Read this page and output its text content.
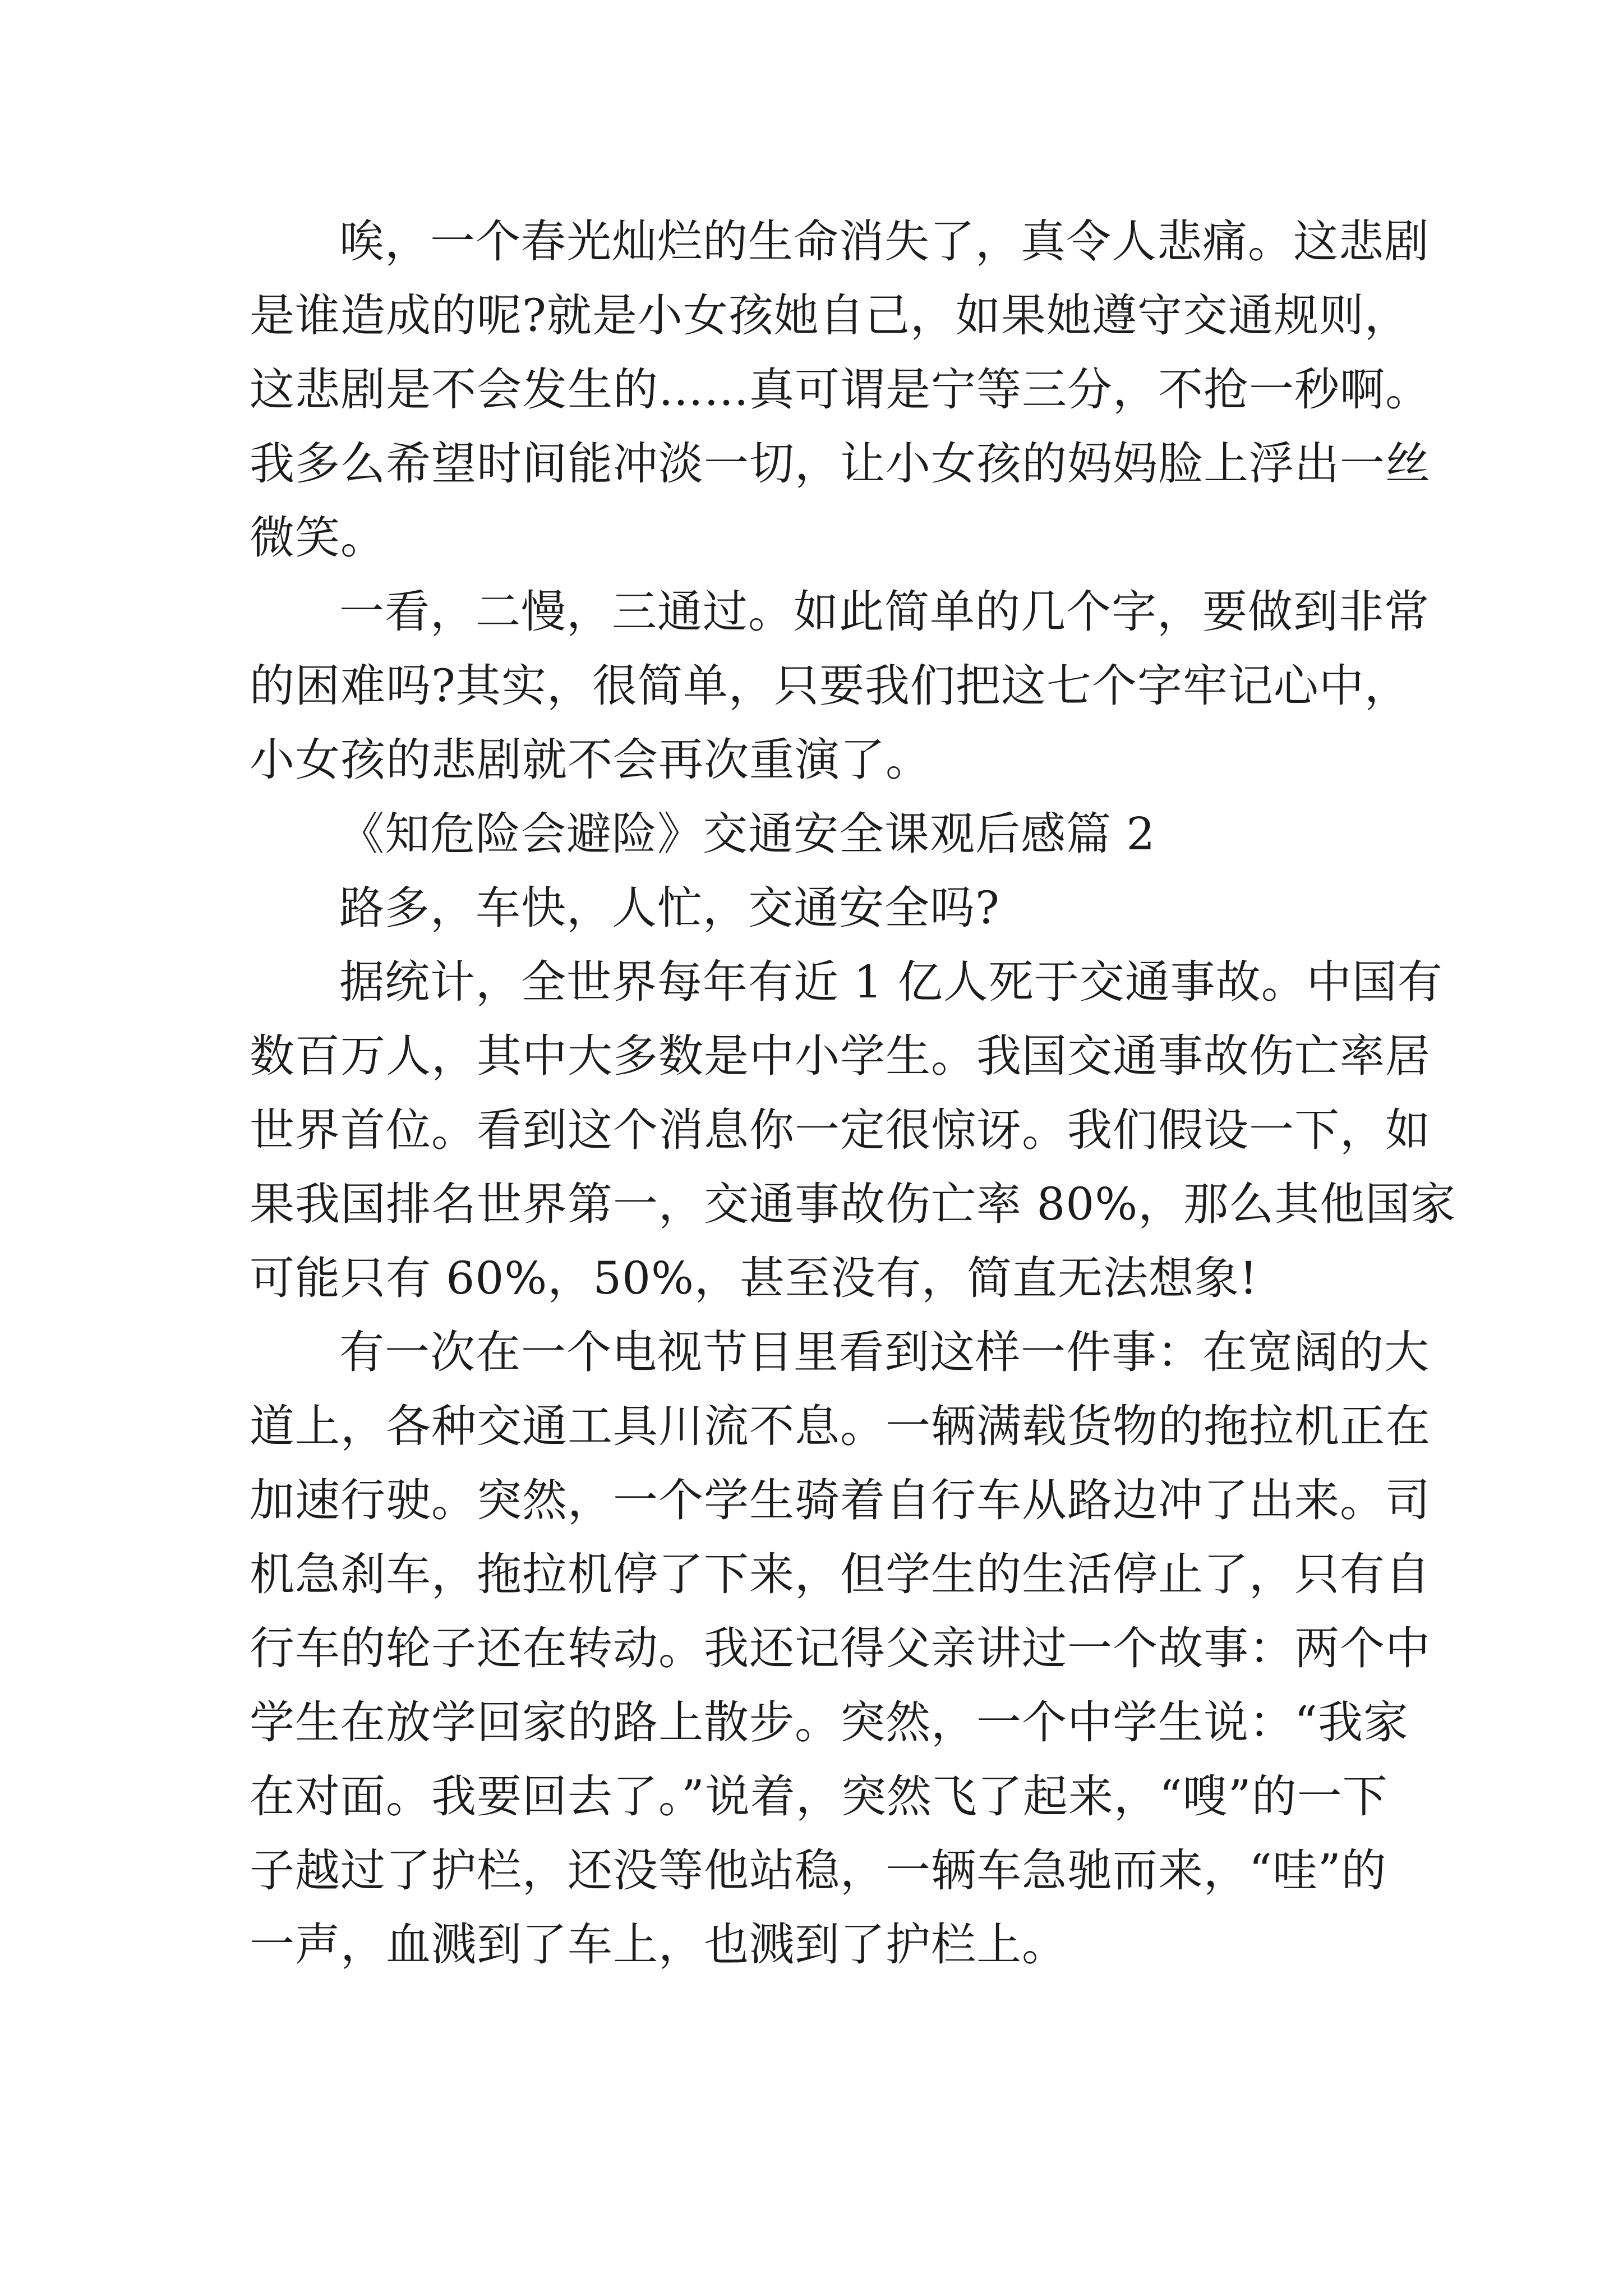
唉，一个春光灿烂的生命消失了，真令人悲痛。这悲剧
是谁造成的呢?就是小女孩她自己，如果她遵守交通规则，
这悲剧是不会发生的……真可谓是宁等三分，不抢一秒啊。
我多么希望时间能冲淡一切，让小女孩的妈妈脸上浮出一丝
微笑。
一看，二慢，三通过。如此简单的几个字，要做到非常
的困难吗?其实，很简单，只要我们把这七个字牢记心中，
小女孩的悲剧就不会再次重演了。
《知危险会避险》交通安全课观后感篇 2
路多，车快，人忙，交通安全吗?
据统计，全世界每年有近 1 亿人死于交通事故。中国有
数百万人，其中大多数是中小学生。我国交通事故伤亡率居
世界首位。看到这个消息你一定很惊讶。我们假设一下，如
果我国排名世界第一，交通事故伤亡率 80%，那么其他国家
可能只有 60%，50%，甚至没有，简直无法想象!
有一次在一个电视节目里看到这样一件事：在宽阔的大
道上，各种交通工具川流不息。一辆满载货物的拖拉机正在
加速行驶。突然，一个学生骑着自行车从路边冲了出来。司
机急刹车，拖拉机停了下来，但学生的生活停止了，只有自
行车的轮子还在转动。我还记得父亲讲过一个故事：两个中
学生在放学回家的路上散步。突然，一个中学生说：“我家
在对面。我要回去了。”说着，突然飞了起来，“嗖”的一下
子越过了护栏，还没等他站稳，一辆车急驰而来，“哇”的
一声，血溅到了车上，也溅到了护栏上。
